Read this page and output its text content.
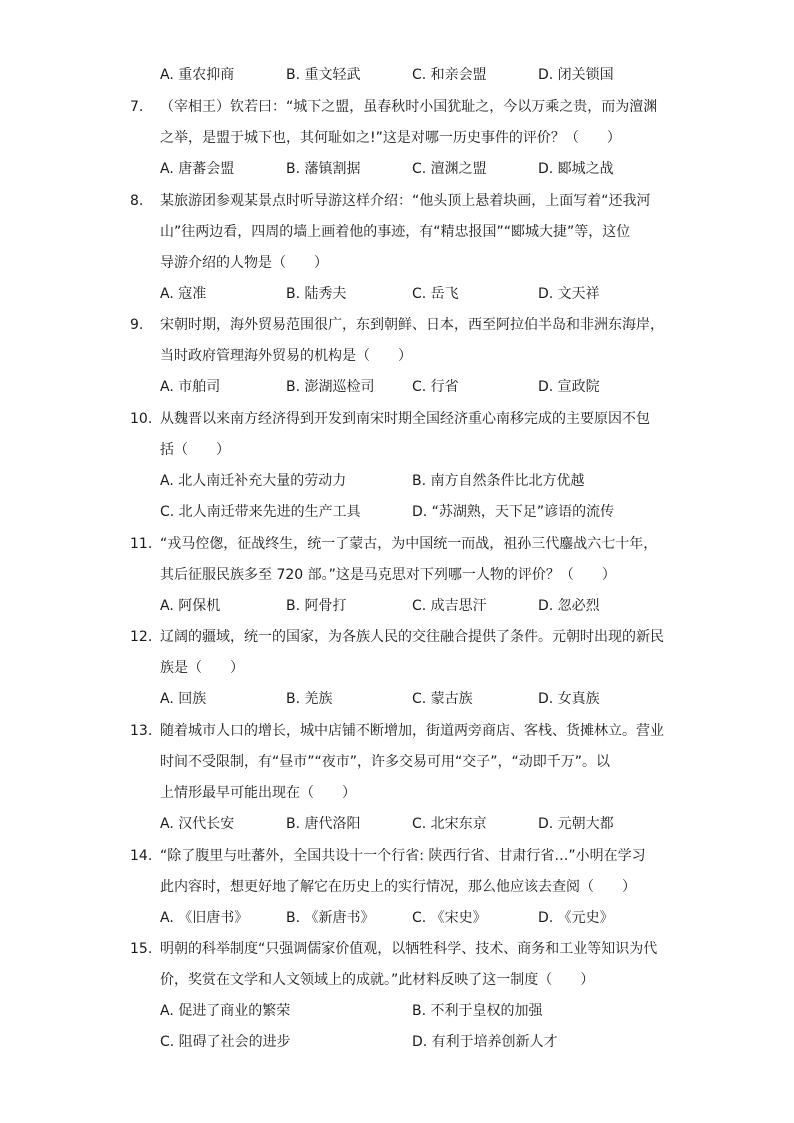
A. 重农抑商	B. 重文轻武	C. 和亲会盟	D. 闭关锁国
7. （宰相王）钦若曰：“城下之盟，虽春秋时小国犹耻之，今以万乘之贵，而为澶渊
之举，是盟于城下也，其何耻如之!”这是对哪一历史事件的评价？（　　）
A. 唐蕃会盟	B. 藩镇割据	C. 澶渊之盟	D. 郾城之战
8. 某旅游团参观某景点时听导游这样介绍：“他头顶上悬着块画，上面写着“还我河
山”往两边看，四周的墙上画着他的事迹，有“精忠报国”“郾城大捷”等，这位
导游介绍的人物是（　　）
A. 寇准	B. 陆秀夫	C. 岳飞	D. 文天祥
9. 宋朝时期，海外贸易范围很广，东到朝鲜、日本，西至阿拉伯半岛和非洲东海岸，
当时政府管理海外贸易的机构是（　　）
A. 市舶司	B. 澎湖巡检司	C. 行省	D. 宣政院
10. 从魏晋以来南方经济得到开发到南宋时期全国经济重心南移完成的主要原因不包
括（　　）
A. 北人南迁补充大量的劳动力	B. 南方自然条件比北方优越
C. 北人南迁带来先进的生产工具	D. “苏湖熟，天下足”谚语的流传
11. “戎马倥偬，征战终生，统一了蒙古，为中国统一而战，祖孙三代鏖战六七十年，
其后征服民族多至 720 部。”这是马克思对下列哪一人物的评价？（　　）
A. 阿保机	B. 阿骨打	C. 成吉思汗	D. 忽必烈
12. 辽阔的疆域，统一的国家，为各族人民的交往融合提供了条件。元朝时出现的新民
族是（　　）
A. 回族	B. 羌族	C. 蒙古族	D. 女真族
13. 随着城市人口的增长，城中店铺不断增加，街道两旁商店、客栈、货摊林立。营业
时间不受限制，有“昼市”“夜市”，许多交易可用“交子”，“动即千万”。以
上情形最早可能出现在（　　）
A. 汉代长安	B. 唐代洛阳	C. 北宋东京	D. 元朝大都
14. “除了腹里与吐蕃外，全国共设十一个行省: 陕西行省、甘肃行省…”小明在学习
此内容时，想更好地了解它在历史上的实行情况，那么他应该去查阅（　　）
A. 《旧唐书》	B. 《新唐书》	C. 《宋史》	D. 《元史》
15. 明朝的科举制度“只强调儒家价值观，以牺牲科学、技术、商务和工业等知识为代
价，奖赏在文学和人文领域上的成就。”此材料反映了这一制度（　　）
A. 促进了商业的繁荣	B. 不利于皇权的加强
C. 阻碍了社会的进步	D. 有利于培养创新人才
